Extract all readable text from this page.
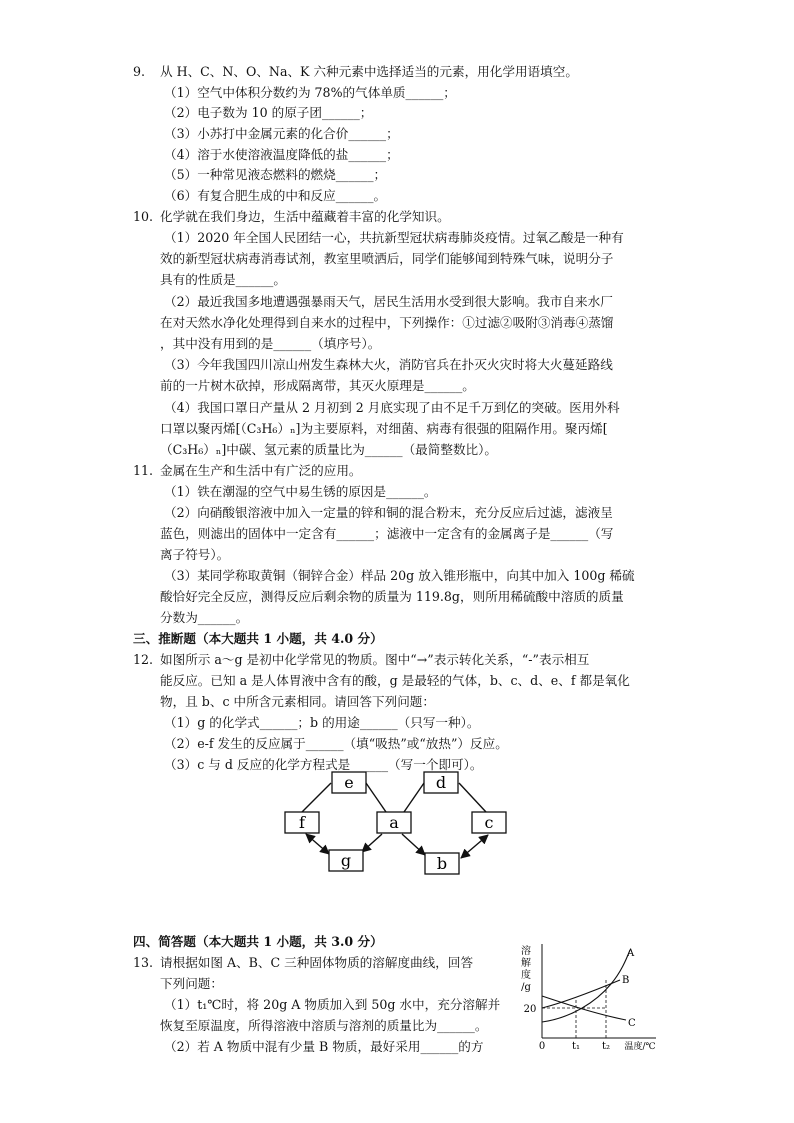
9. 从 H、C、N、O、Na、K 六种元素中选择适当的元素，用化学用语填空。
（1）空气中体积分数约为 78%的气体单质______；
（2）电子数为 10 的原子团______；
（3）小苏打中金属元素的化合价______；
（4）溶于水使溶液温度降低的盐______；
（5）一种常见液态燃料的燃烧______；
（6）有复合肥生成的中和反应______。
10. 化学就在我们身边，生活中蕴藏着丰富的化学知识。
（1）2020 年全国人民团结一心，共抗新型冠状病毒肺炎疫情。过氧乙酸是一种有
效的新型冠状病毒消毒试剂，教室里喷洒后，同学们能够闻到特殊气味，说明分子
具有的性质是______。
（2）最近我国多地遭遇强暴雨天气，居民生活用水受到很大影响。我市自来水厂
在对天然水净化处理得到自来水的过程中，下列操作：①过滤②吸附③消毒④蒸馏
，其中没有用到的是______（填序号）。
（3）今年我国四川凉山州发生森林大火，消防官兵在扑灭火灾时将大火蔓延路线
前的一片树木砍掉，形成隔离带，其灭火原理是______。
（4）我国口罩日产量从 2 月初到 2 月底实现了由不足千万到亿的突破。医用外科
口罩以聚丙烯[（C₃H₆）ₙ]为主要原料，对细菌、病毒有很强的阻隔作用。聚丙烯[
（C₃H₆）ₙ]中碳、氢元素的质量比为______（最简整数比）。
11. 金属在生产和生活中有广泛的应用。
（1）铁在潮湿的空气中易生锈的原因是______。
（2）向硝酸银溶液中加入一定量的锌和铜的混合粉末，充分反应后过滤，滤液呈
蓝色，则滤出的固体中一定含有______；滤液中一定含有的金属离子是______（写
离子符号）。
（3）某同学称取黄铜（铜锌合金）样品 20g 放入锥形瓶中，向其中加入 100g 稀硫
酸恰好完全反应，测得反应后剩余物的质量为 119.8g，则所用稀硫酸中溶质的质量
分数为______。
三、推断题（本大题共 1 小题，共 4.0 分）
12. 如图所示 a～g 是初中化学常见的物质。图中“→”表示转化关系，“-”表示相互
能反应。已知 a 是人体胃液中含有的酸，g 是最轻的气体，b、c、d、e、f 都是氧化
物，且 b、c 中所含元素相同。请回答下列问题：
（1）g 的化学式______；b 的用途______（只写一种）。
（2）e-f 发生的反应属于______（填“吸热”或“放热”）反应。
（3）c 与 d 反应的化学方程式是______（写一个即可）。
e	d
f	a	c
g	b
四、简答题（本大题共 1 小题，共 3.0 分）
13. 请根据如图 A、B、C 三种固体物质的溶解度曲线，回答
下列问题：
（1）t₁℃时，将 20g A 物质加入到 50g 水中，充分溶解并
恢复至原温度，所得溶液中溶质与溶剂的质量比为______。
（2）若 A 物质中混有少量 B 物质，最好采用______的方
溶
解
度
/g
20
A
B
C
0	t₁ t₂ 温度/℃
